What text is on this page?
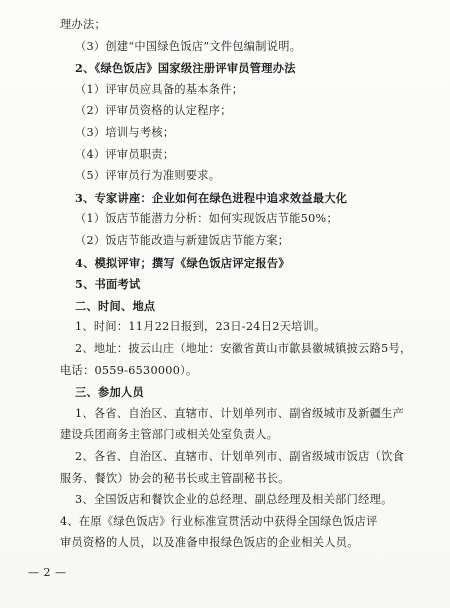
理办法；
（3）创建“中国绿色饭店”文件包编制说明。
2、《绿色饭店》国家级注册评审员管理办法
（1）评审员应具备的基本条件；
（2）评审员资格的认定程序；
（3）培训与考核；
（4）评审员职责；
（5）评审员行为准则要求。
3、专家讲座：企业如何在绿色进程中追求效益最大化
（1）饭店节能潜力分析：如何实现饭店节能50%；
（2）饭店节能改造与新建饭店节能方案；
4、模拟评审；撰写《绿色饭店评定报告》
5、书面考试
二、时间、地点
1、时间：11月22日报到，23日-24日2天培训。
2、地址：披云山庄（地址：安徽省黄山市歙县徽城镇披云路5号，
电话：0559-6530000）。
三、参加人员
1、各省、自治区、直辖市、计划单列市、副省级城市及新疆生产
建设兵团商务主管部门或相关处室负责人。
2、各省、自治区、直辖市、计划单列市、副省级城市饭店（饮食
服务、餐饮）协会的秘书长或主管副秘书长。
3、全国饭店和餐饮企业的总经理、副总经理及相关部门经理。
4、在原《绿色饭店》行业标准宣贯活动中获得全国绿色饭店评
审员资格的人员，以及准备申报绿色饭店的企业相关人员。
— 2 —
